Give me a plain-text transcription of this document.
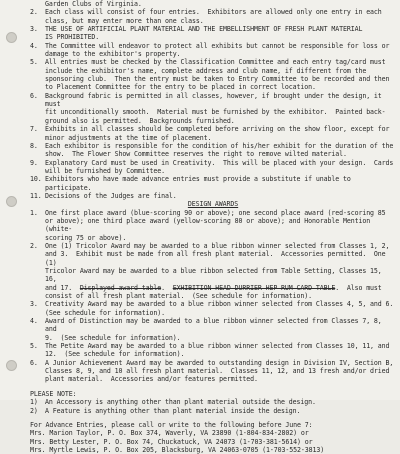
Garden Clubs of Virginia.
2.	Each class will consist of four entries.  Exhibitors are allowed only one entry in each
class, but may enter more than one class.
3.	THE USE OF ARTIFICIAL PLANT MATERIAL AND THE EMBELLISHMENT OF FRESH PLANT MATERIAL
IS PROHIBITED.
4.	The Committee will endeavor to protect all exhibits but cannot be responsible for loss or
damage to the exhibitor's property.
5.	All entries must be checked by the Classification Committee and each entry tag/card must
include the exhibitor's name, complete address and club name, if different from the
sponsoring club.  Then the entry must be taken to Entry Committee to be recorded and then
to Placement Committee for the entry to be placed in correct location.
6.	Background fabric is permitted in all classes, however, if brought under the design, it must
fit unconditionally smooth.  Material must be furnished by the exhibitor.  Painted back-
ground also is permitted.  Backgrounds furnished.
7.	Exhibits in all classes should be completed before arriving on the show floor, except for
minor adjustments at the time of placement.
8.	Each exhibitor is responsible for the condition of his/her exhibit for the duration of the
show.  The Flower Show Committee reserves the right to remove wilted material.
9.	Explanatory Card must be used in Creativity.  This will be placed with your design.  Cards
will be furnished by Committee.
10. Exhibitors who have made advance entries must provide a substitute if unable to participate.
11. Decisions of the Judges are final.

DESIGN AWARDS

1.	One first place award (blue-scoring 90 or above); one second place award (red-scoring 85
or above); one third place award (yellow-scoring 80 or above); and Honorable Mention (white-
scoring 75 or above).
2.	One (1) Tricolor Award may be awarded to a blue ribbon winner selected from Classes 1, 2,
and 3.  Exhibit must be made from all fresh plant material.  Accessories permitted.  One (1)
Tricolor Award may be awarded to a blue ribbon selected from Table Setting, Classes 15, 16,
and 17.  Displayed award table.  EXHIBITION HEAD DURRIER HEP RUM CARD TABLE.  Also must
consist of all fresh plant material.  (See schedule for information).
3.	Creativity Award may be awarded to a blue ribbon winner selected from Classes 4, 5, and 6.
(See schedule for information).
4.	Award of Distinction may be awarded to a blue ribbon winner selected from Classes 7, 8, and
9.  (See schedule for information).
5.	The Petite Award may be awarded to a blue ribbon winner selected from Classes 10, 11, and
12.  (See schedule for information).
6.	A Junior Achievement Award may be awarded to outstanding design in Division IV, Section B,
Classes 8, 9, and 10 all fresh plant material.  Classes 11, 12, and 13 fresh and/or dried
plant material.  Accessories and/or features permitted.

PLEASE NOTE:

1)	An Accessory is anything other than plant material outside the design.
2)	A Feature is anything other than plant material inside the design.

For Advance Entries, please call or write to the following before June 7:

Mrs. Marion Taylor, P. O. Box 374, Waverly, VA 23890 (1-804-834-2802) or

Mrs. Betty Lester, P. O. Box 74, Chuckatuck, VA 24073 (1-703-381-5614) or

Mrs. Myrtle Lewis, P. O. Box 205, Blacksburg, VA 24063-0705 (1-703-552-3813)
